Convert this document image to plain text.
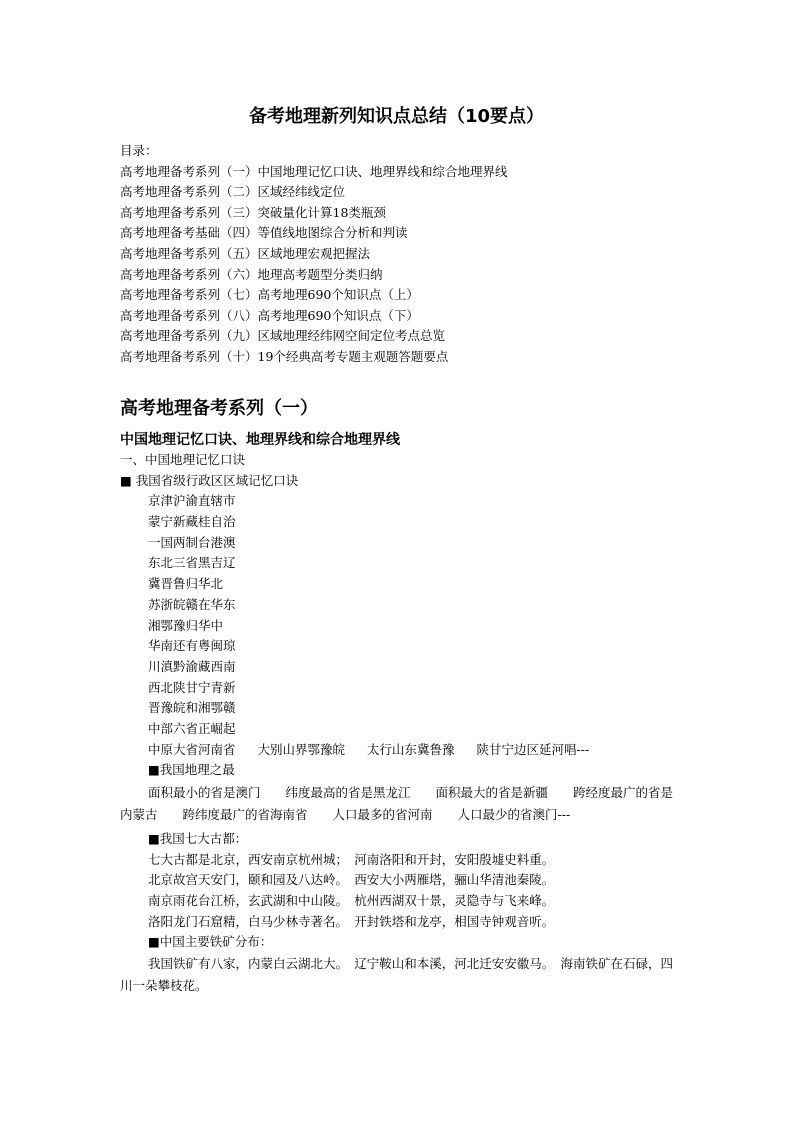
备考地理新列知识点总结（10要点）
目录：
高考地理备考系列（一）中国地理记忆口诀、地理界线和综合地理界线
高考地理备考系列（二）区域经纬线定位
高考地理备考系列（三）突破量化计算18类瓶颈
高考地理备考基础（四）等值线地图综合分析和判读
高考地理备考系列（五）区域地理宏观把握法
高考地理备考系列（六）地理高考题型分类归纳
高考地理备考系列（七）高考地理690个知识点（上）
高考地理备考系列（八）高考地理690个知识点（下）
高考地理备考系列（九）区域地理经纬网空间定位考点总览
高考地理备考系列（十）19个经典高考专题主观题答题要点
高考地理备考系列（一）
中国地理记忆口诀、地理界线和综合地理界线
一、中国地理记忆口诀
■ 我国省级行政区区域记忆口诀
京津沪渝直辖市
蒙宁新藏桂自治
一国两制台港澳
东北三省黑吉辽
冀晋鲁归华北
苏浙皖赣在华东
湘鄂豫归华中
华南还有粤闽琼
川滇黔渝藏西南
西北陕甘宁青新
晋豫皖和湘鄂赣
中部六省正崛起
中原大省河南省 大别山界鄂豫皖 太行山东冀鲁豫 陕甘宁边区延河唱---
■我国地理之最
面积最小的省是澳门　　纬度最高的省是黑龙江　　面积最大的省是新疆　　跨经度最广的省是内蒙古　　跨纬度最广的省海南省　　人口最多的省河南　　人口最少的省澳门---
■我国七大古都：
七大古都是北京，西安南京杭州城；　河南洛阳和开封，安阳殷墟史料重。
北京故宫天安门，颐和园及八达岭。　西安大小两雁塔，骊山华清池秦陵。
南京雨花台江桥，玄武湖和中山陵。　杭州西湖双十景，灵隐寺与飞来峰。
洛阳龙门石窟精，白马少林寺著名。　开封铁塔和龙亭，相国寺钟观音听。
■中国主要铁矿分布：
我国铁矿有八家，内蒙白云湖北大。　辽宁鞍山和本溪，河北迁安安徽马。　海南铁矿在石碌，四川一朵攀枝花。
